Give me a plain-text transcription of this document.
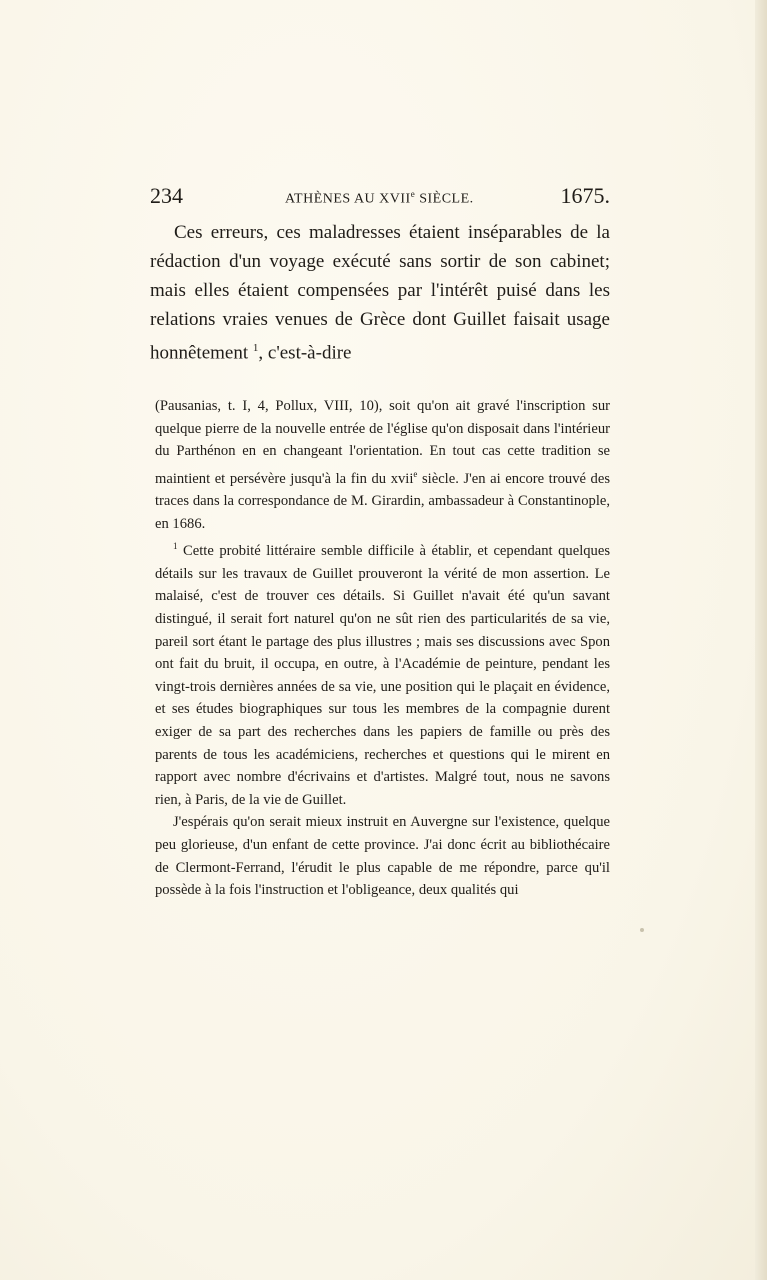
234	ATHÈNES AU XVIIe SIÈCLE.	1675.

Ces erreurs, ces maladresses étaient inséparables de la rédaction d'un voyage exécuté sans sortir de son cabinet; mais elles étaient compensées par l'intérêt puisé dans les relations vraies venues de Grèce dont Guillet faisait usage honnêtement $^1$, c'est-à-dire

(Pausanias, t. I, 4, Pollux, VIII, 10), soit qu'on ait gravé l'inscription sur quelque pierre de la nouvelle entrée de l'église qu'on disposait dans l'intérieur du Parthénon en en changeant l'orientation. En tout cas cette tradition se maintient et persévère jusqu'à la fin du xvii$^e$ siècle. J'en ai encore trouvé des traces dans la correspondance de M. Girardin, ambassadeur à Constantinople, en 1686.

$^1$ Cette probité littéraire semble difficile à établir, et cependant quelques détails sur les travaux de Guillet prouveront la vérité de mon assertion. Le malaisé, c'est de trouver ces détails. Si Guillet n'avait été qu'un savant distingué, il serait fort naturel qu'on ne sût rien des particularités de sa vie, pareil sort étant le partage des plus illustres ; mais ses discussions avec Spon ont fait du bruit, il occupa, en outre, à l'Académie de peinture, pendant les vingt-trois dernières années de sa vie, une position qui le plaçait en évidence, et ses études biographiques sur tous les membres de la compagnie durent exiger de sa part des recherches dans les papiers de famille ou près des parents de tous les académiciens, recherches et questions qui le mirent en rapport avec nombre d'écrivains et d'artistes. Malgré tout, nous ne savons rien, à Paris, de la vie de Guillet.

J'espérais qu'on serait mieux instruit en Auvergne sur l'existence, quelque peu glorieuse, d'un enfant de cette province. J'ai donc écrit au bibliothécaire de Clermont-Ferrand, l'érudit le plus capable de me répondre, parce qu'il possède à la fois l'instruction et l'obligeance, deux qualités qui
